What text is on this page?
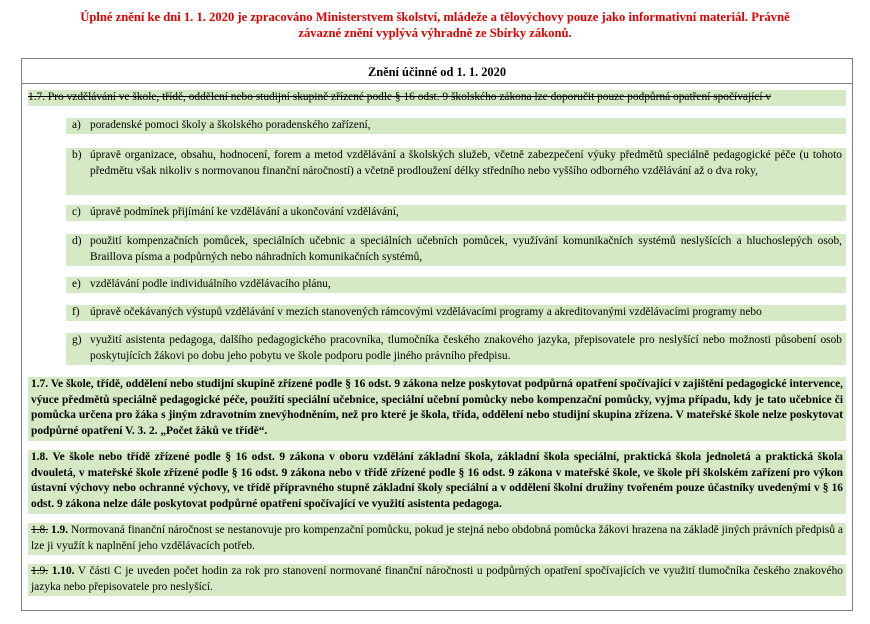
Úplné znění ke dni 1. 1. 2020 je zpracováno Ministerstvem školství, mládeže a tělovýchovy pouze jako informativní materiál. Právně
závazné znění vyplývá výhradně ze Sbírky zákonů.
Znění účinné od 1. 1. 2020
1.7. Pro vzdělávání ve škole, třídě, oddělení nebo studijní skupině zřízené podle § 16 odst. 9 školského zákona lze doporučit pouze podpůrná opatření spočívající v
a) poradenské pomoci školy a školského poradenského zařízení,
b) úpravě organizace, obsahu, hodnocení, forem a metod vzdělávání a školských služeb, včetně zabezpečení výuky předmětů speciálně pedagogické péče (u tohoto předmětu však nikoliv s normovanou finanční náročností) a včetně prodloužení délky středního nebo vyššího odborného vzdělávání až o dva roky,
c) úpravě podmínek přijímání ke vzdělávání a ukončování vzdělávání,
d) použití kompenzačních pomůcek, speciálních učebnic a speciálních učebních pomůcek, využívání komunikačních systémů neslyšících a hluchoslepých osob, Braillova písma a podpůrných nebo náhradních komunikačních systémů,
e) vzdělávání podle individuálního vzdělávacího plánu,
f) úpravě očekávaných výstupů vzdělávání v mezích stanovených rámcovými vzdělávacími programy a akreditovanými vzdělávacími programy nebo
g) využití asistenta pedagoga, dalšího pedagogického pracovníka, tlumočníka českého znakového jazyka, přepisovatele pro neslyšící nebo možnosti působení osob poskytujících žákovi po dobu jeho pobytu ve škole podporu podle jiného právního předpisu.
1.7. Ve škole, třídě, oddělení nebo studijní skupině zřízené podle § 16 odst. 9 zákona nelze poskytovat podpůrná opatření spočívající v zajištění pedagogické intervence, výuce předmětů speciálně pedagogické péče, použití speciální učebnice, speciální učební pomůcky nebo kompenzační pomůcky, vyjma případu, kdy je tato učebnice či pomůcka určena pro žáka s jiným zdravotním znevýhodněním, než pro které je škola, třída, oddělení nebo studijní skupina zřízena. V mateřské škole nelze poskytovat podpůrné opatření V. 3. 2. „Počet žáků ve třídě“.
1.8. Ve škole nebo třídě zřízené podle § 16 odst. 9 zákona v oboru vzdělání základní škola, základní škola speciální, praktická škola jednoletá a praktická škola dvouletá, v mateřské škole zřízené podle § 16 odst. 9 zákona nebo v třídě zřízené podle § 16 odst. 9 zákona v mateřské škole, ve škole při školském zařízení pro výkon ústavní výchovy nebo ochranné výchovy, ve třídě přípravného stupně základní školy speciální a v oddělení školní družiny tvořeném pouze účastníky uvedenými v § 16 odst. 9 zákona nelze dále poskytovat podpůrné opatření spočívající ve využití asistenta pedagoga.
1.8. 1.9. Normovaná finanční náročnost se nestanovuje pro kompenzační pomůcku, pokud je stejná nebo obdobná pomůcka žákovi hrazena na základě jiných právních předpisů a lze ji využít k naplnění jeho vzdělávacích potřeb.
1.9. 1.10. V části C je uveden počet hodin za rok pro stanovení normované finanční náročnosti u podpůrných opatření spočívajících ve využití tlumočníka českého znakového jazyka nebo přepisovatele pro neslyšící.
